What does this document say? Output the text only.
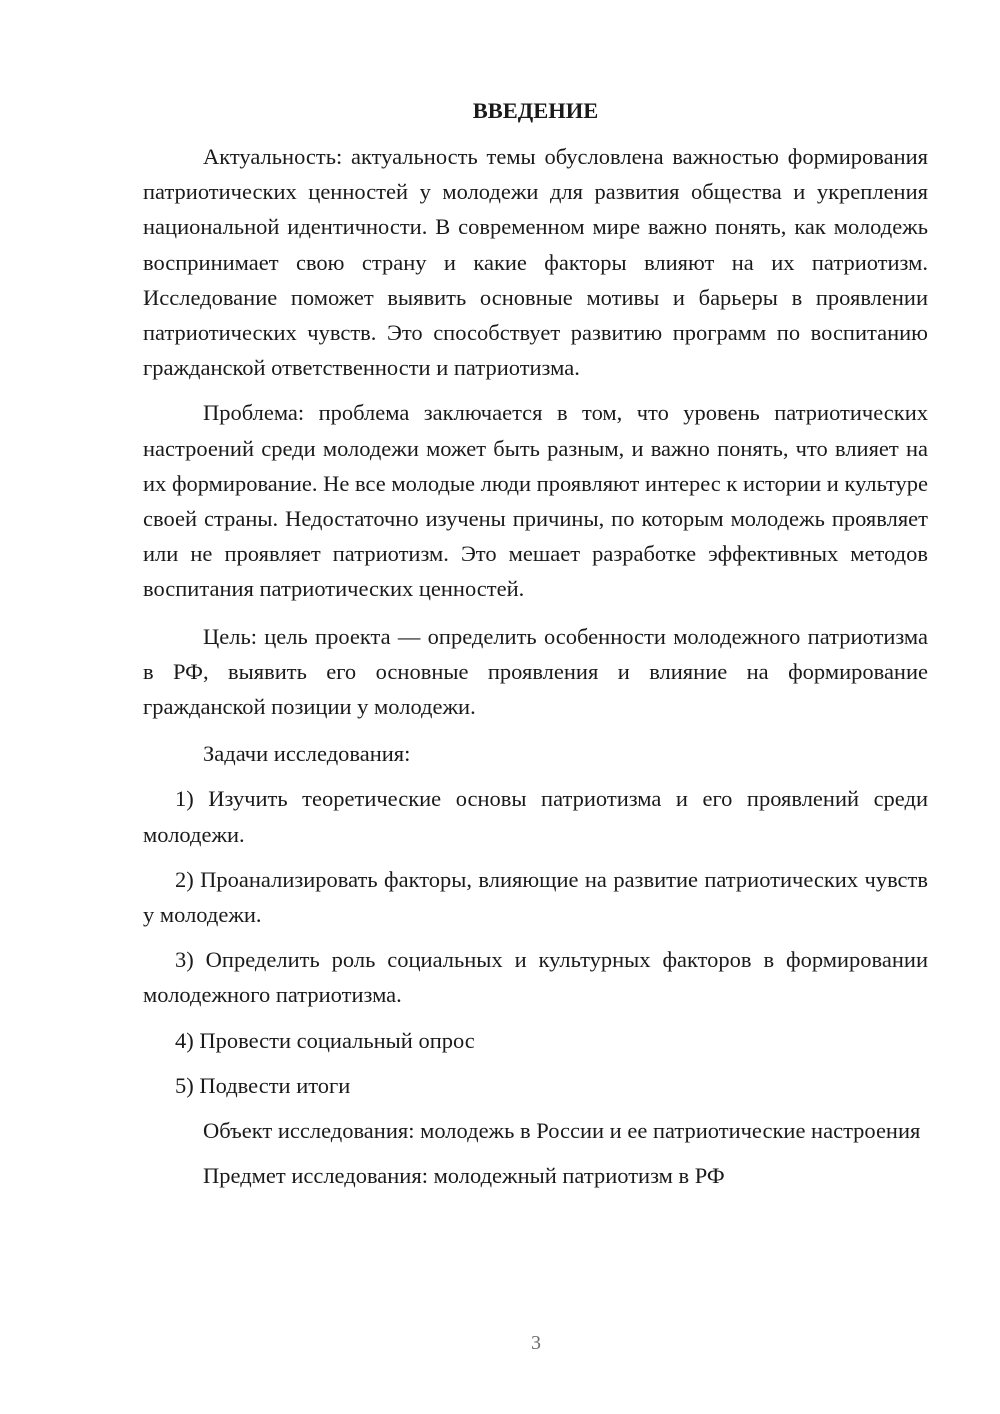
ВВЕДЕНИЕ

Актуальность: актуальность темы обусловлена важностью формирования патриотических ценностей у молодежи для развития общества и укрепления национальной идентичности. В современном мире важно понять, как молодежь воспринимает свою страну и какие факторы влияют на их патриотизм. Исследование поможет выявить основные мотивы и барьеры в проявлении патриотических чувств. Это способствует развитию программ по воспитанию гражданской ответственности и патриотизма.

Проблема: проблема заключается в том, что уровень патриотических настроений среди молодежи может быть разным, и важно понять, что влияет на их формирование. Не все молодые люди проявляют интерес к истории и культуре своей страны. Недостаточно изучены причины, по которым молодежь проявляет или не проявляет патриотизм. Это мешает разработке эффективных методов воспитания патриотических ценностей.

Цель: цель проекта — определить особенности молодежного патриотизма в РФ, выявить его основные проявления и влияние на формирование гражданской позиции у молодежи.

Задачи исследования:

1) Изучить теоретические основы патриотизма и его проявлений среди молодежи.

2) Проанализировать факторы, влияющие на развитие патриотических чувств у молодежи.

3) Определить роль социальных и культурных факторов в формировании молодежного патриотизма.

4) Провести социальный опрос

5) Подвести итоги

Объект исследования: молодежь в России и ее патриотические настроения

Предмет исследования: молодежный патриотизм в РФ

3
